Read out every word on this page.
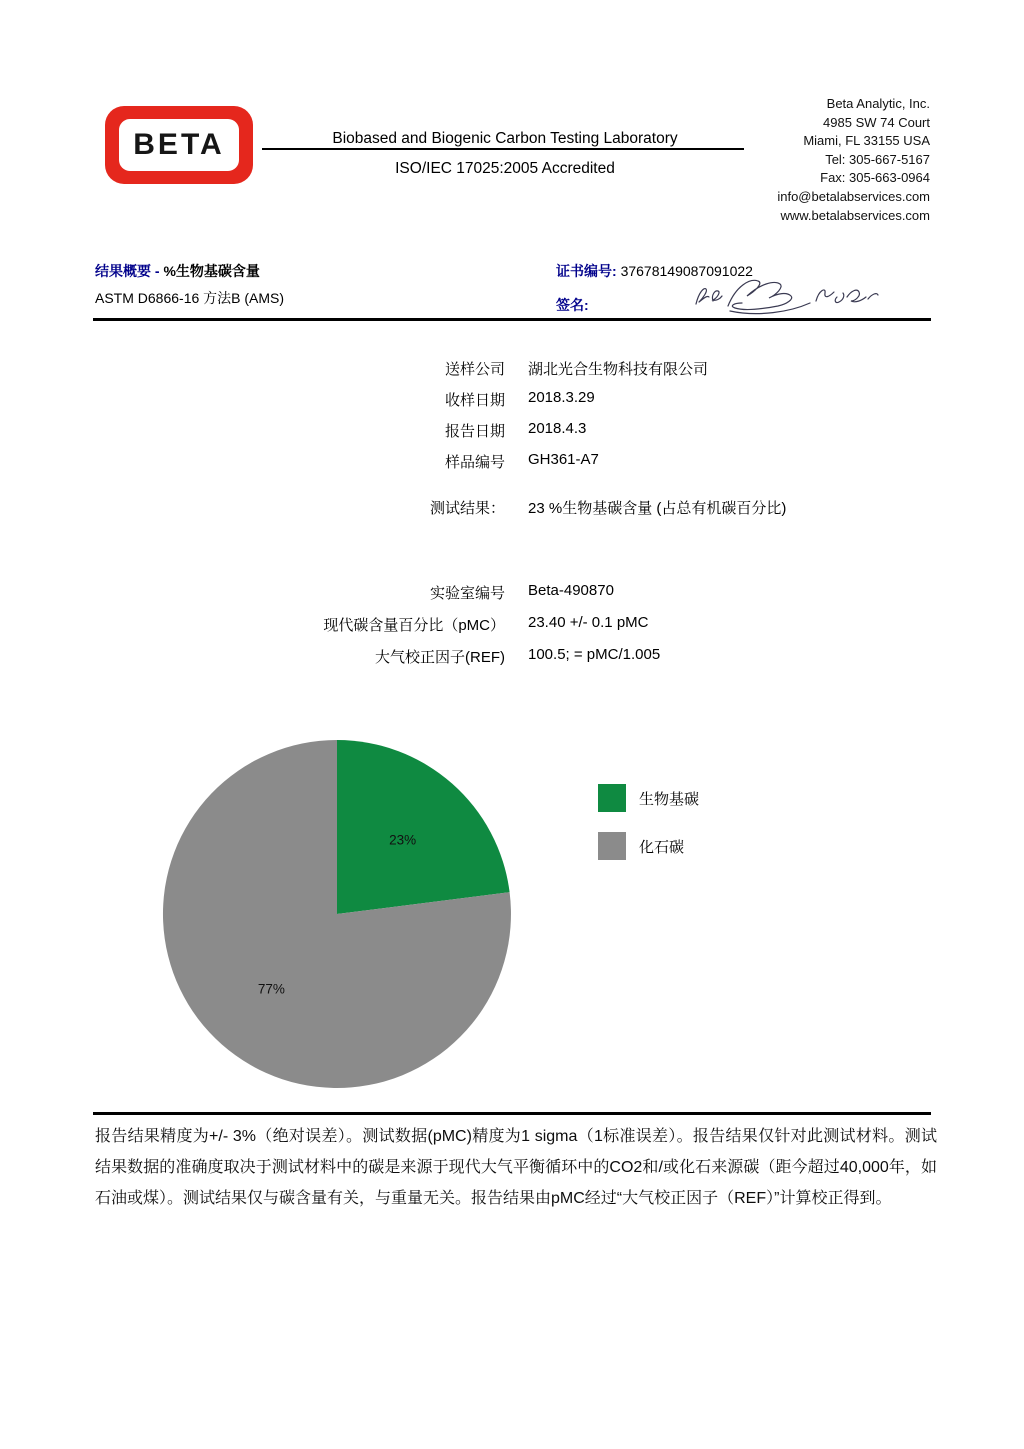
BETA	Biobased and Biogenic Carbon Testing Laboratory
ISO/IEC 17025:2005 Accredited
Beta Analytic, Inc.
4985 SW 74 Court
Miami, FL 33155 USA
Tel: 305-667-5167
Fax: 305-663-0964
info@betalabservices.com
www.betalabservices.com
结果概要 - %生物基碳含量
ASTM D6866-16 方法B (AMS)
证书编号: 37678149087091022
签名:
送样公司 湖北光合生物科技有限公司
收样日期 2018.3.29
报告日期 2018.4.3
样品编号 GH361-A7
测试结果： 23 %生物基碳含量 (占总有机碳百分比)
实验室编号 Beta-490870
现代碳含量百分比（pMC） 23.40 +/- 0.1 pMC
大气校正因子(REF) 100.5; = pMC/1.005
23%
77%
生物基碳
化石碳
报告结果精度为+/- 3%（绝对误差）。测试数据(pMC)精度为1 sigma（1标准误差）。报告结果仅针对此测试材料。测试结果数据的准确度取决于测试材料中的碳是来源于现代大气平衡循环中的CO2和/或化石来源碳（距今超过40,000年，如石油或煤）。测试结果仅与碳含量有关，与重量无关。报告结果由pMC经过“大气校正因子（REF）”计算校正得到。
